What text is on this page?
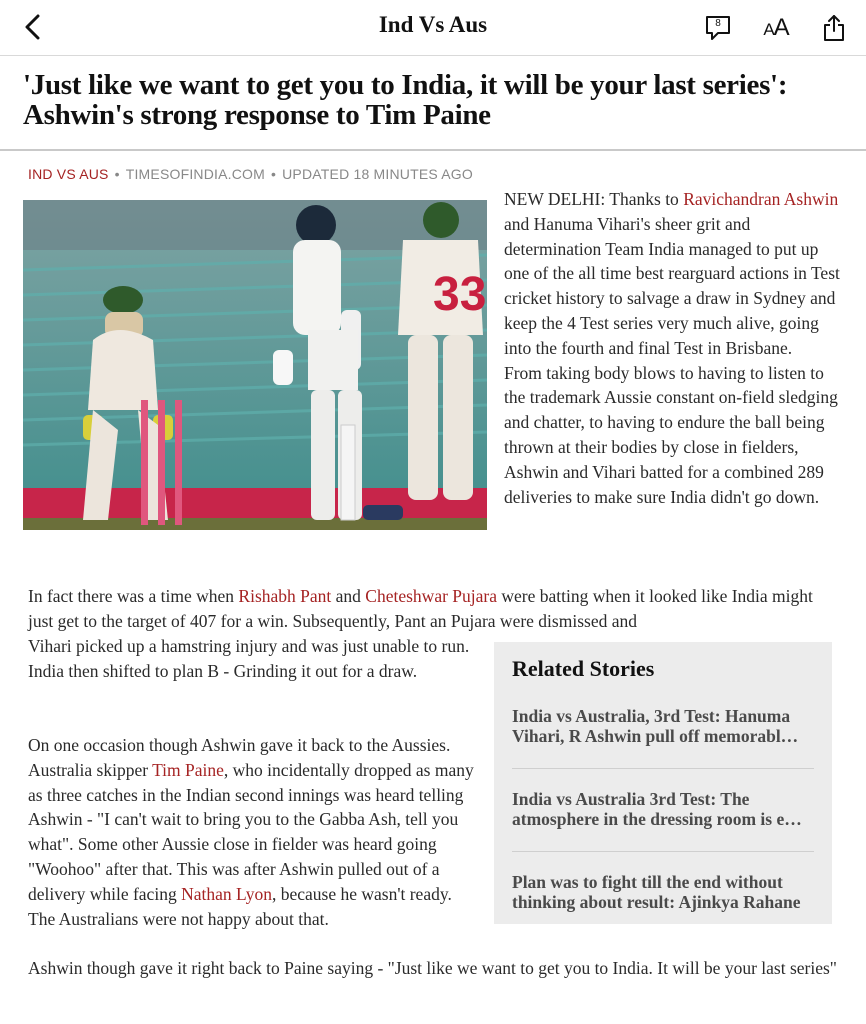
Ind Vs Aus	8	AA
'Just like we want to get you to India, it will be your last series': Ashwin's strong response to Tim Paine
IND VS AUS • TIMESOFINDIA.COM • UPDATED 18 MINUTES AGO
33

NEW DELHI: Thanks to Ravichandran Ashwin and Hanuma Vihari's sheer grit and determination Team India managed to put up one of the all time best rearguard actions in Test cricket history to salvage a draw in Sydney and keep the 4 Test series very much alive, going into the fourth and final Test in Brisbane.

From taking body blows to having to listen to the trademark Aussie constant on-field sledging and chatter, to having to endure the ball being thrown at their bodies by close in fielders, Ashwin and Vihari batted for a combined 289 deliveries to make sure India didn't go down.

In fact there was a time when Rishabh Pant and Cheteshwar Pujara were batting when it looked like India might just get to the target of 407 for a win. Subsequently, Pant an Pujara were dismissed and
Vihari picked up a hamstring injury and was just unable to run. India then shifted to plan B - Grinding it out for a draw.
On one occasion though Ashwin gave it back to the Aussies. Australia skipper Tim Paine, who incidentally dropped as many as three catches in the Indian second innings was heard telling Ashwin - "I can't wait to bring you to the Gabba Ash, tell you what". Some other Aussie close in fielder was heard going "Woohoo" after that. This was after Ashwin pulled out of a delivery while facing Nathan Lyon, because he wasn't ready. The Australians were not happy about that.
Ashwin though gave it right back to Paine saying - "Just like we want to get you to India. It will be your last series"
Related Stories
India vs Australia, 3rd Test: Hanuma Vihari, R Ashwin pull off memorabl…
India vs Australia 3rd Test: The atmosphere in the dressing room is e…
Plan was to fight till the end without thinking about result: Ajinkya Rahane
